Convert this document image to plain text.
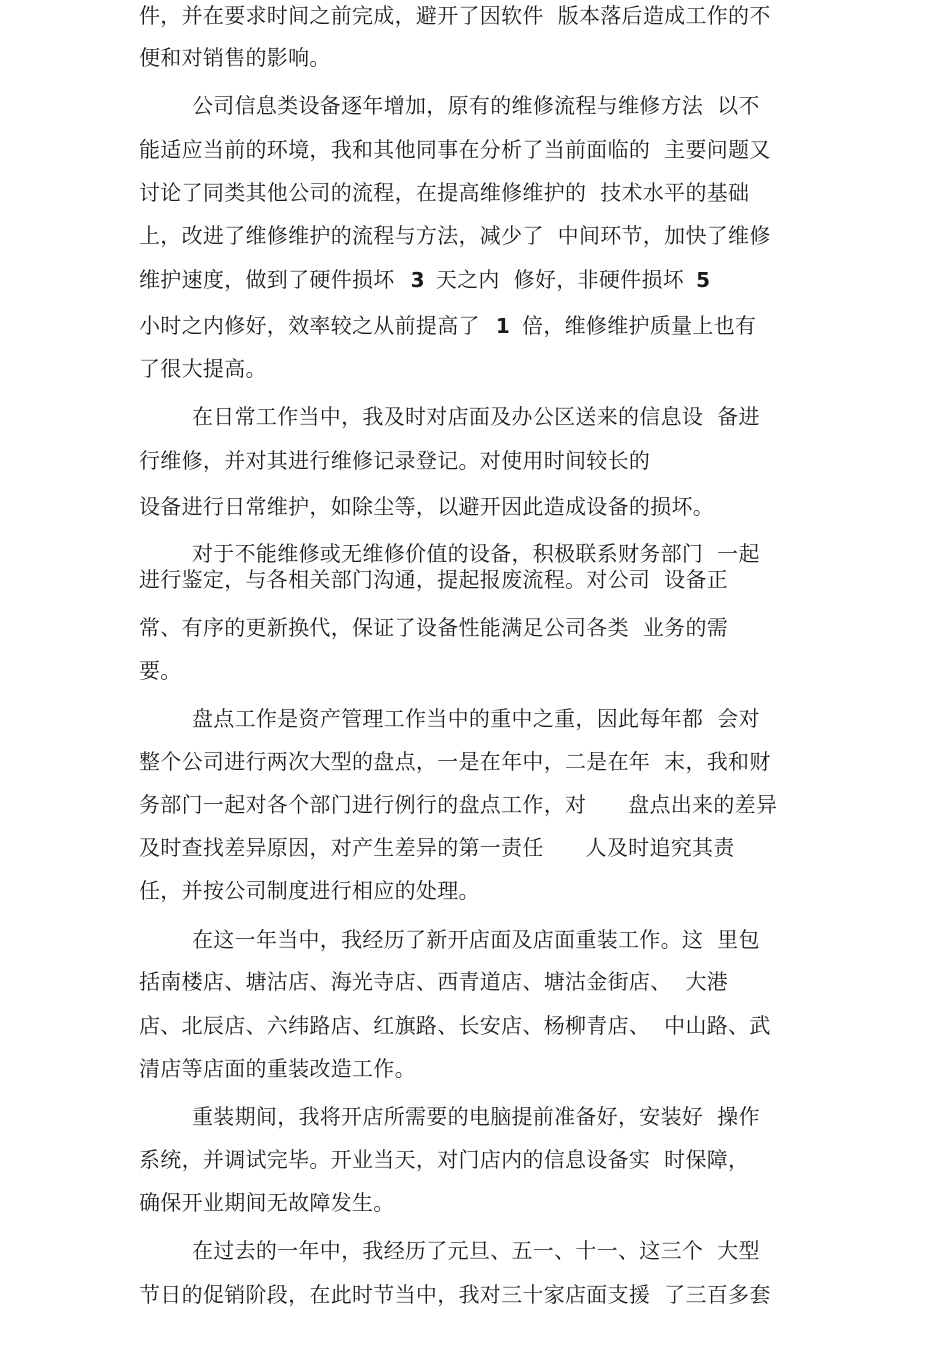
件，并在要求时间之前完成，避开了因软件  版本落后造成工作的不
便和对销售的影响。
公司信息类设备逐年增加，原有的维修流程与维修方法  以不
能适应当前的环境，我和其他同事在分析了当前面临的  主要问题又
讨论了同类其他公司的流程，在提高维修维护的  技术水平的基础
上，改进了维修维护的流程与方法，减少了  中间环节，加快了维修
维护速度，做到了硬件损坏 3 天之内  修好，非硬件损坏 5
小时之内修好，效率较之从前提高了 1 倍，维修维护质量上也有
了很大提高。
在日常工作当中，我及时对店面及办公区送来的信息设  备进
行维修，并对其进行维修记录登记。对使用时间较长的
设备进行日常维护，如除尘等，以避开因此造成设备的损坏。
对于不能维修或无维修价值的设备，积极联系财务部门  一起
进行鉴定，与各相关部门沟通，提起报废流程。对公司  设备正
常、有序的更新换代，保证了设备性能满足公司各类  业务的需
要。
盘点工作是资产管理工作当中的重中之重，因此每年都  会对
整个公司进行两次大型的盘点，一是在年中，二是在年  末，我和财
务部门一起对各个部门进行例行的盘点工作，对      盘点出来的差异
及时查找差异原因，对产生差异的第一责任      人及时追究其责
任，并按公司制度进行相应的处理。
在这一年当中，我经历了新开店面及店面重装工作。这  里包
括南楼店、塘沽店、海光寺店、西青道店、塘沽金街店、  大港
店、北辰店、六纬路店、红旗路、长安店、杨柳青店、  中山路、武
清店等店面的重装改造工作。
重装期间，我将开店所需要的电脑提前准备好，安装好  操作
系统，并调试完毕。开业当天，对门店内的信息设备实  时保障，
确保开业期间无故障发生。
在过去的一年中，我经历了元旦、五一、十一、这三个  大型
节日的促销阶段，在此时节当中，我对三十家店面支援  了三百多套
